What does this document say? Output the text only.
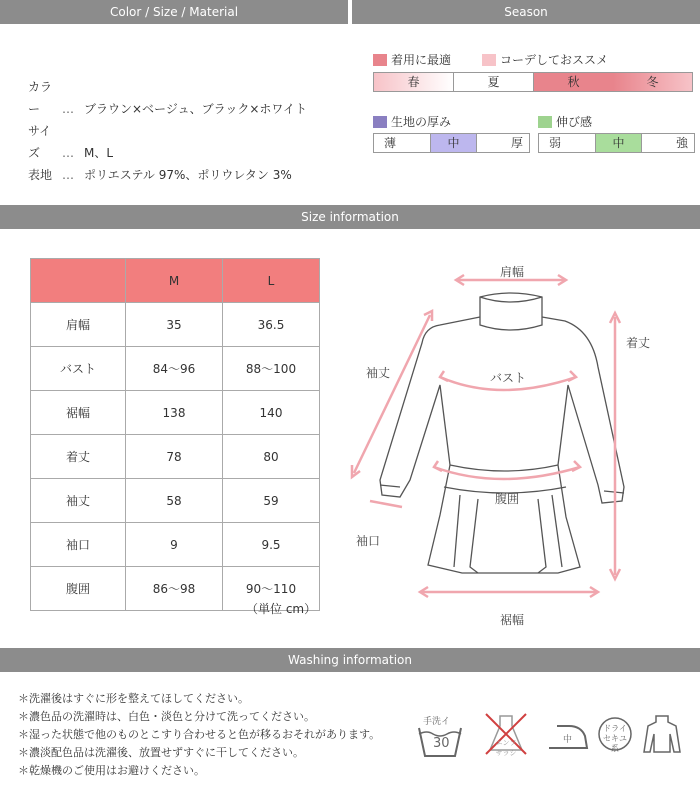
Color / Size / Material	Season
カラー … ブラウン×ベージュ、ブラック×ホワイト
サイズ … M、L
表地 … ポリエステル 97%、ポリウレタン 3%
着用に最適	コーデしておススメ
春	夏	秋	冬
生地の厚み
薄	中	厚
伸び感
弱	中	強
Size information
	M	L
肩幅	35	36.5
バスト	84〜96	88〜100
裾幅	138	140
着丈	78	80
袖丈	58	59
袖口	9	9.5
腹囲	86〜98	90〜110
（単位 cm）
肩幅
着丈
袖丈	バスト
腹囲
袖口
裾幅
Washing information
＊洗濯後はすぐに形を整えてほしてください。
＊濃色品の洗濯時は、白色・淡色と分けて洗ってください。
＊湿った状態で他のものとこすり合わせると色が移るおそれがあります。
＊濃淡配色品は洗濯後、放置せずすぐに干してください。
＊乾燥機のご使用はお避けください。
手洗イ
30	エンソ サラシ
中
ドライ セキユ系
